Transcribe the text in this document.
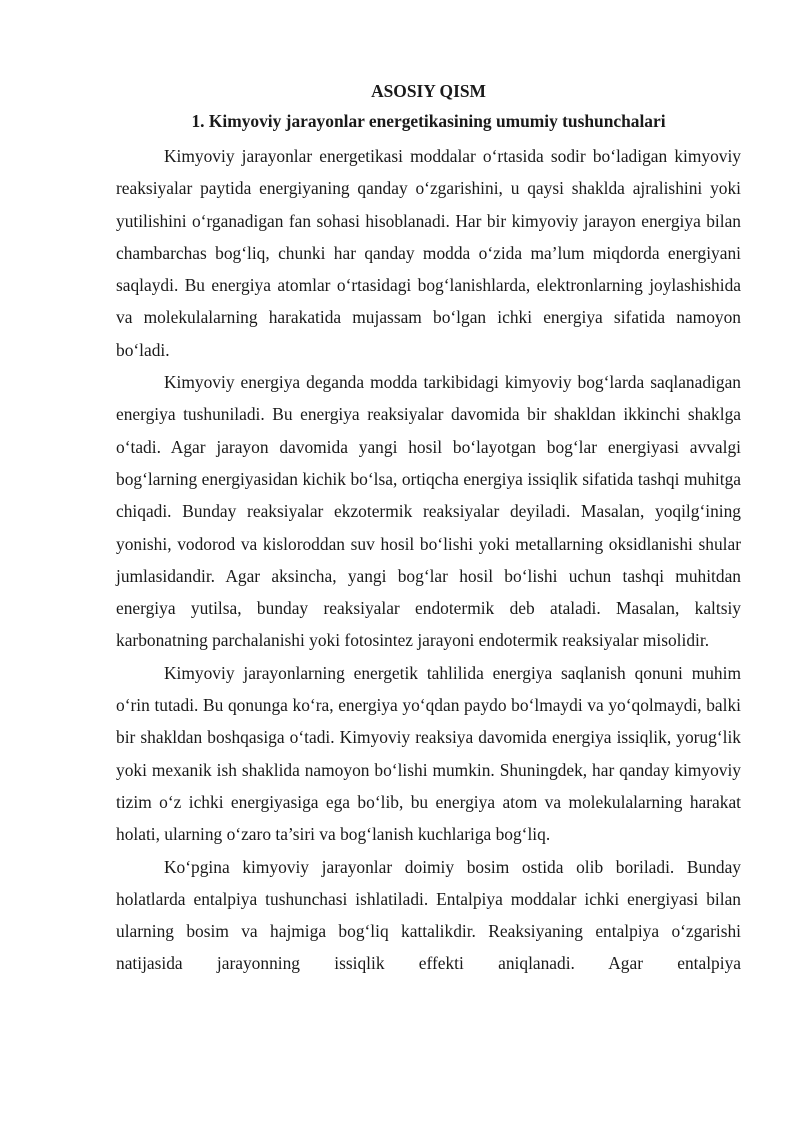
ASOSIY QISM

1. Kimyoviy jarayonlar energetikasining umumiy tushunchalari

Kimyoviy jarayonlar energetikasi moddalar o‘rtasida sodir bo‘ladigan kimyoviy reaksiyalar paytida energiyaning qanday o‘zgarishini, u qaysi shaklda ajralishini yoki yutilishini o‘rganadigan fan sohasi hisoblanadi. Har bir kimyoviy jarayon energiya bilan chambarchas bog‘liq, chunki har qanday modda o‘zida ma’lum miqdorda energiyani saqlaydi. Bu energiya atomlar o‘rtasidagi bog‘lanishlarda, elektronlarning joylashishida va molekulalarning harakatida mujassam bo‘lgan ichki energiya sifatida namoyon bo‘ladi.

Kimyoviy energiya deganda modda tarkibidagi kimyoviy bog‘larda saqlanadigan energiya tushuniladi. Bu energiya reaksiyalar davomida bir shakldan ikkinchi shaklga o‘tadi. Agar jarayon davomida yangi hosil bo‘layotgan bog‘lar energiyasi avvalgi bog‘larning energiyasidan kichik bo‘lsa, ortiqcha energiya issiqlik sifatida tashqi muhitga chiqadi. Bunday reaksiyalar ekzotermik reaksiyalar deyiladi. Masalan, yoqilg‘ining yonishi, vodorod va kisloroddan suv hosil bo‘lishi yoki metallarning oksidlanishi shular jumlasidandir. Agar aksincha, yangi bog‘lar hosil bo‘lishi uchun tashqi muhitdan energiya yutilsa, bunday reaksiyalar endotermik deb ataladi. Masalan, kaltsiy karbonatning parchalanishi yoki fotosintez jarayoni endotermik reaksiyalar misolidir.

Kimyoviy jarayonlarning energetik tahlilida energiya saqlanish qonuni muhim o‘rin tutadi. Bu qonunga ko‘ra, energiya yo‘qdan paydo bo‘lmaydi va yo‘qolmaydi, balki bir shakldan boshqasiga o‘tadi. Kimyoviy reaksiya davomida energiya issiqlik, yorug‘lik yoki mexanik ish shaklida namoyon bo‘lishi mumkin. Shuningdek, har qanday kimyoviy tizim o‘z ichki energiyasiga ega bo‘lib, bu energiya atom va molekulalarning harakat holati, ularning o‘zaro ta’siri va bog‘lanish kuchlariga bog‘liq.

Ko‘pgina kimyoviy jarayonlar doimiy bosim ostida olib boriladi. Bunday holatlarda entalpiya tushunchasi ishlatiladi. Entalpiya moddalar ichki energiyasi bilan ularning bosim va hajmiga bog‘liq kattalikdir. Reaksiyaning entalpiya o‘zgarishi natijasida jarayonning issiqlik effekti aniqlanadi. Agar entalpiya
